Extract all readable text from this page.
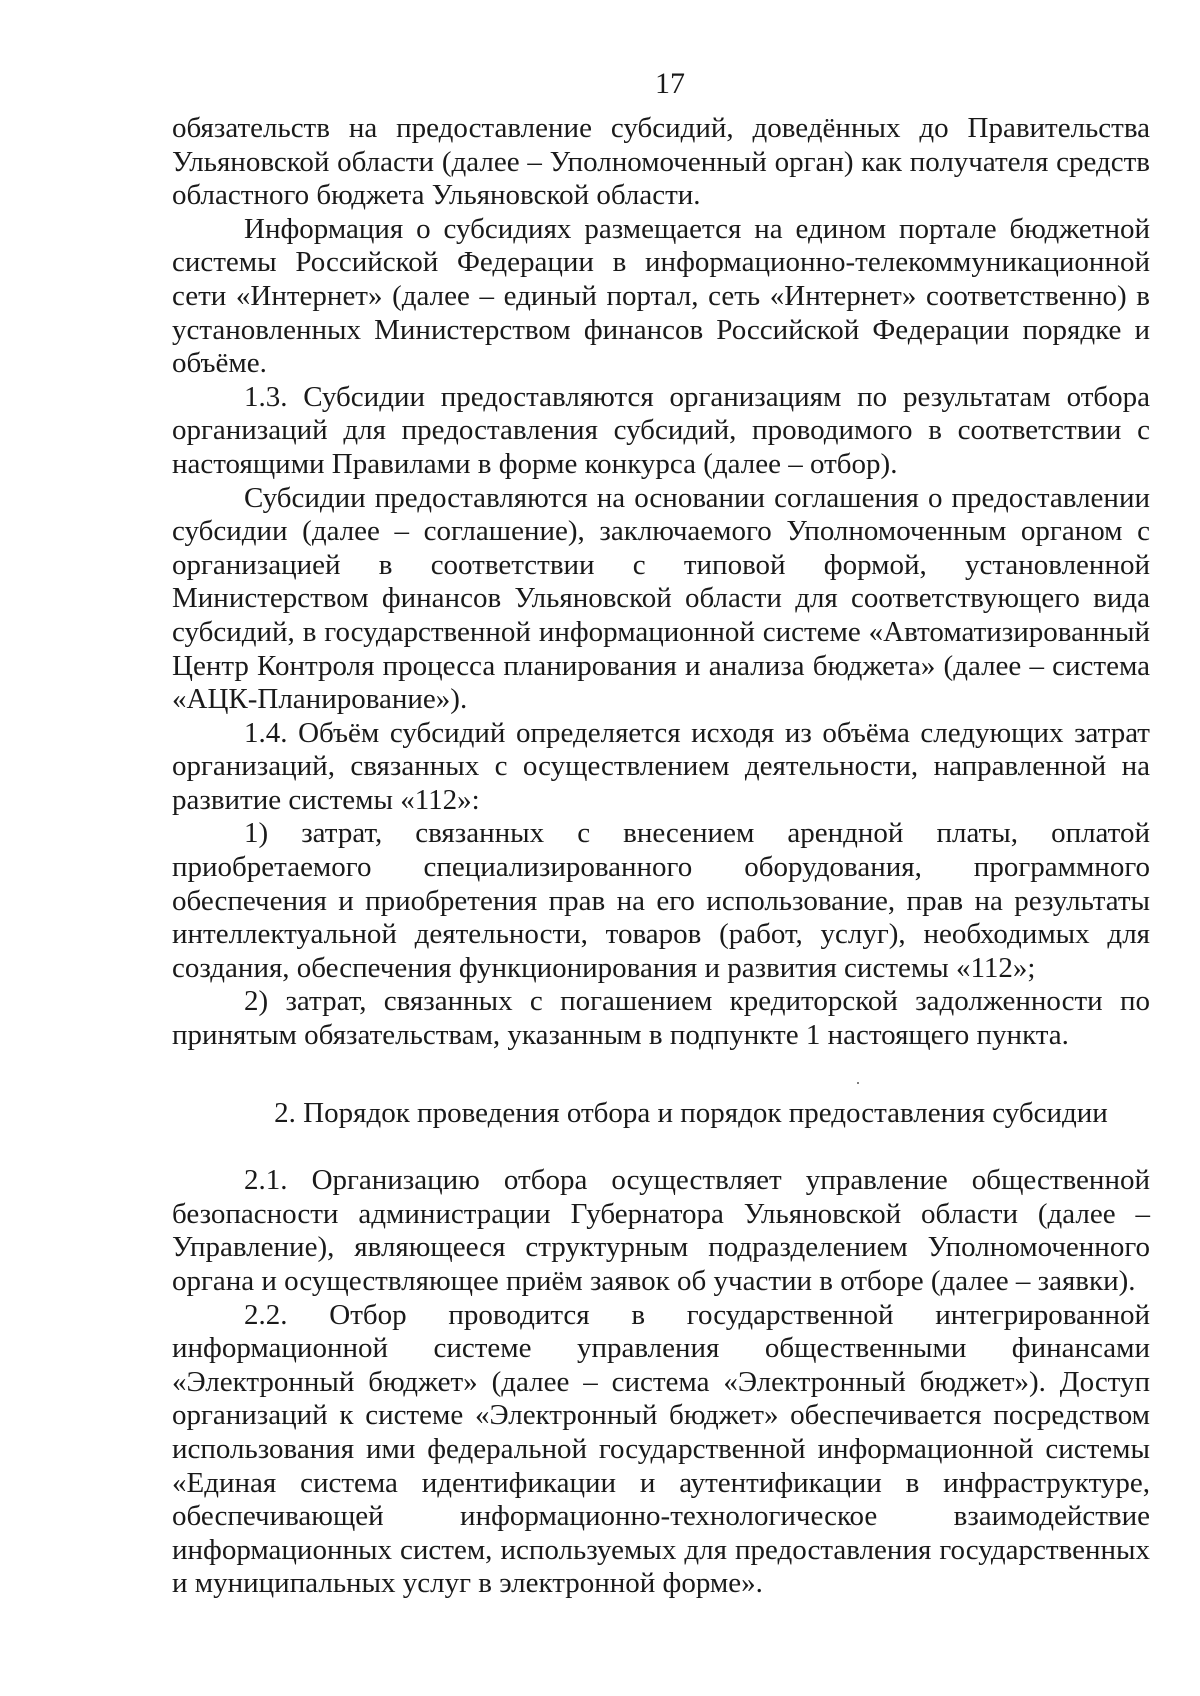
17

обязательств на предоставление субсидий, доведённых до Правительства Ульяновской области (далее – Уполномоченный орган) как получателя средств областного бюджета Ульяновской области.

Информация о субсидиях размещается на едином портале бюджетной системы Российской Федерации в информационно-телекоммуникационной сети «Интернет» (далее – единый портал, сеть «Интернет» соответственно) в установленных Министерством финансов Российской Федерации порядке и объёме.

1.3. Субсидии предоставляются организациям по результатам отбора организаций для предоставления субсидий, проводимого в соответствии с настоящими Правилами в форме конкурса (далее – отбор).

Субсидии предоставляются на основании соглашения о предоставлении субсидии (далее – соглашение), заключаемого Уполномоченным органом с организацией в соответствии с типовой формой, установленной Министерством финансов Ульяновской области для соответствующего вида субсидий, в государственной информационной системе «Автоматизированный Центр Контроля процесса планирования и анализа бюджета» (далее – система «АЦК-Планирование»).

1.4. Объём субсидий определяется исходя из объёма следующих затрат организаций, связанных с осуществлением деятельности, направленной на развитие системы «112»:

1) затрат, связанных с внесением арендной платы, оплатой приобретаемого специализированного оборудования, программного обеспечения и приобретения прав на его использование, прав на результаты интеллектуальной деятельности, товаров (работ, услуг), необходимых для создания, обеспечения функционирования и развития системы «112»;

2) затрат, связанных с погашением кредиторской задолженности по принятым обязательствам, указанным в подпункте 1 настоящего пункта.

2. Порядок проведения отбора и порядок предоставления субсидии

2.1. Организацию отбора осуществляет управление общественной безопасности администрации Губернатора Ульяновской области (далее – Управление), являющееся структурным подразделением Уполномоченного органа и осуществляющее приём заявок об участии в отборе (далее – заявки).

2.2. Отбор проводится в государственной интегрированной информационной системе управления общественными финансами «Электронный бюджет» (далее – система «Электронный бюджет»). Доступ организаций к системе «Электронный бюджет» обеспечивается посредством использования ими федеральной государственной информационной системы «Единая система идентификации и аутентификации в инфраструктуре, обеспечивающей информационно-технологическое взаимодействие информационных систем, используемых для предоставления государственных и муниципальных услуг в электронной форме».
